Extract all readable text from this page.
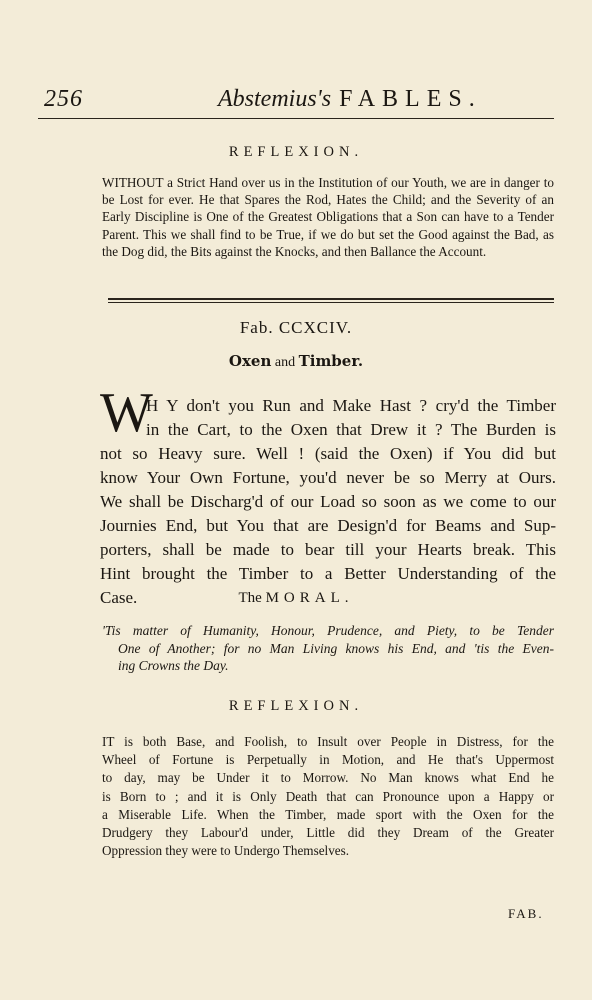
256	Abstemius's FABLES.
REFLEXION.

WITHOUT a Strict Hand over us in the Institution of our Youth, we are in danger to be Lost for ever. He that Spares the Rod, Hates the Child; and the Severity of an Early Discipline is One of the Greatest Obligations that a Son can have to a Tender Parent. This we shall find to be True, if we do but set the Good against the Bad, as the Dog did, the Bits against the Knocks, and then Ballance the Account.

Fab. CCXCIV.
Oxen and Timber.
W
H Y don't you Run and Make Hast ? cry'd the Timber
in the Cart, to the Oxen that Drew it ? The Burden is
not so Heavy sure. Well ! (said the Oxen) if You did but
know Your Own Fortune, you'd never be so Merry at Ours.
We shall be Discharg'd of our Load so soon as we come to our
Journies End, but You that are Design'd for Beams and Sup-
porters, shall be made to bear till your Hearts break. This
Hint brought the Timber to a Better Understanding of the
Case.	The MORAL.
'Tis matter of Humanity, Honour, Prudence, and Piety, to be Tender
One of Another; for no Man Living knows his End, and 'tis the Even-
ing Crowns the Day.
REFLEXION.
IT is both Base, and Foolish, to Insult over People in Distress, for the
Wheel of Fortune is Perpetually in Motion, and He that's Uppermost
to day, may be Under it to Morrow. No Man knows what End he
is Born to ; and it is Only Death that can Pronounce upon a Happy or
a Miserable Life. When the Timber, made sport with the Oxen for the
Drudgery they Labour'd under, Little did they Dream of the Greater
Oppression they were to Undergo Themselves.
FAB.
